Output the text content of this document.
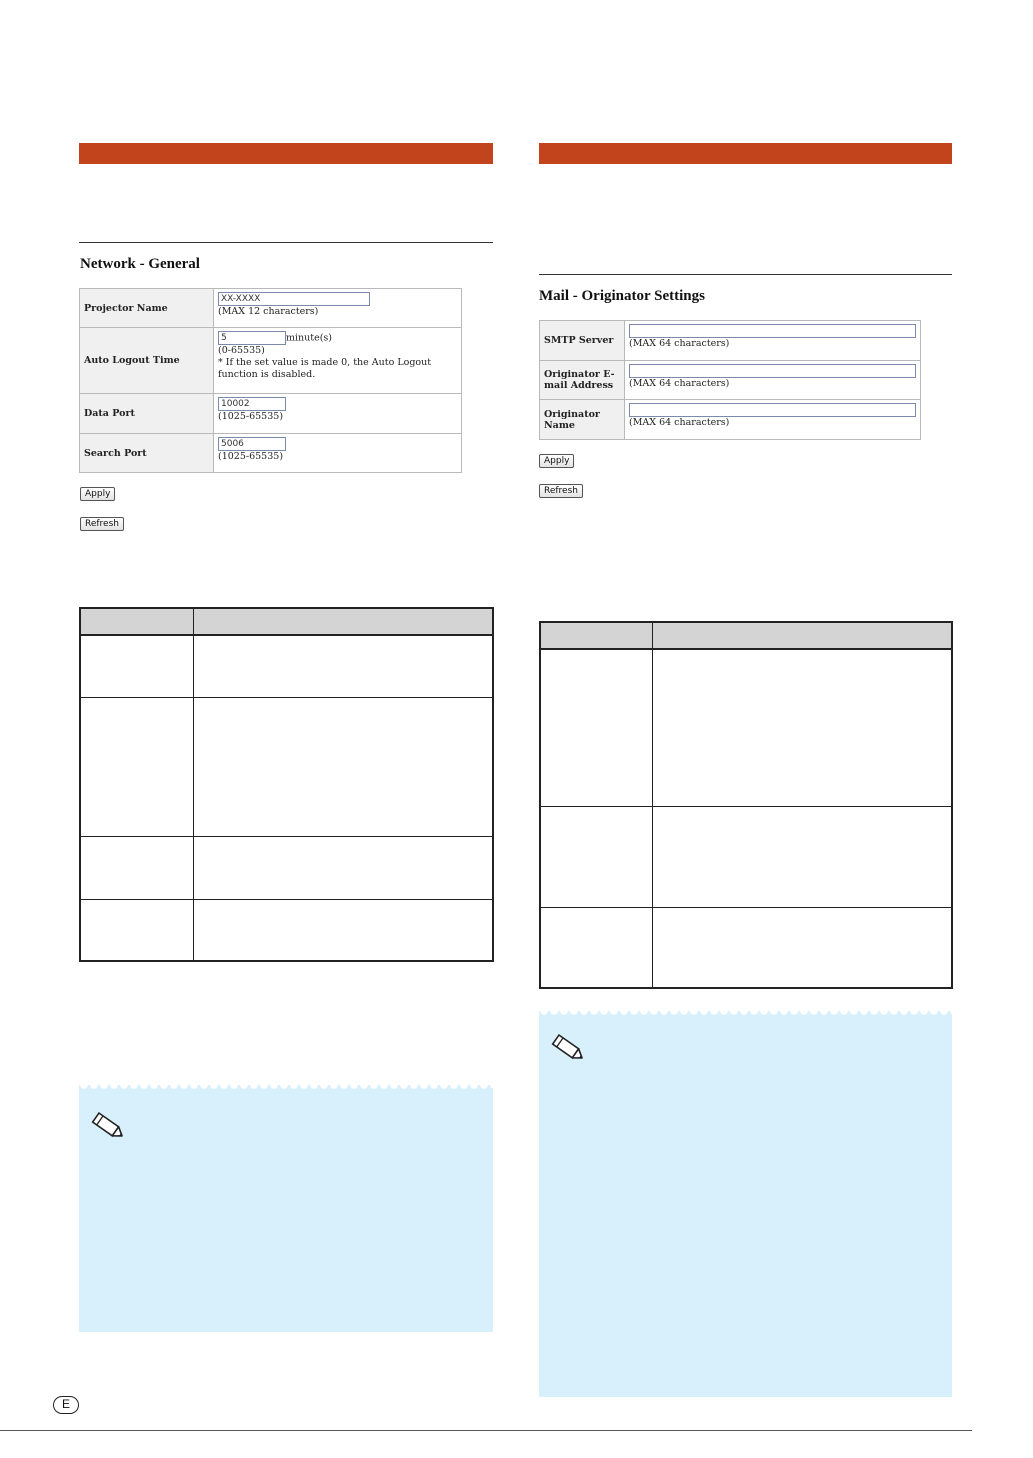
Network - General
Projector Name	XX-XXXX
(MAX 12 characters)

Auto Logout Time	5 minute(s)
(0-65535)
* If the set value is made 0, the Auto Logout function is disabled.

Data Port	10002
(1025-65535)

Search Port	5006
(1025-65535)
Apply
Refresh

Mail - Originator Settings
SMTP Server	(MAX 64 characters)

Originator E-mail Address	(MAX 64 characters)

Originator Name	(MAX 64 characters)
Apply
Refresh

E
